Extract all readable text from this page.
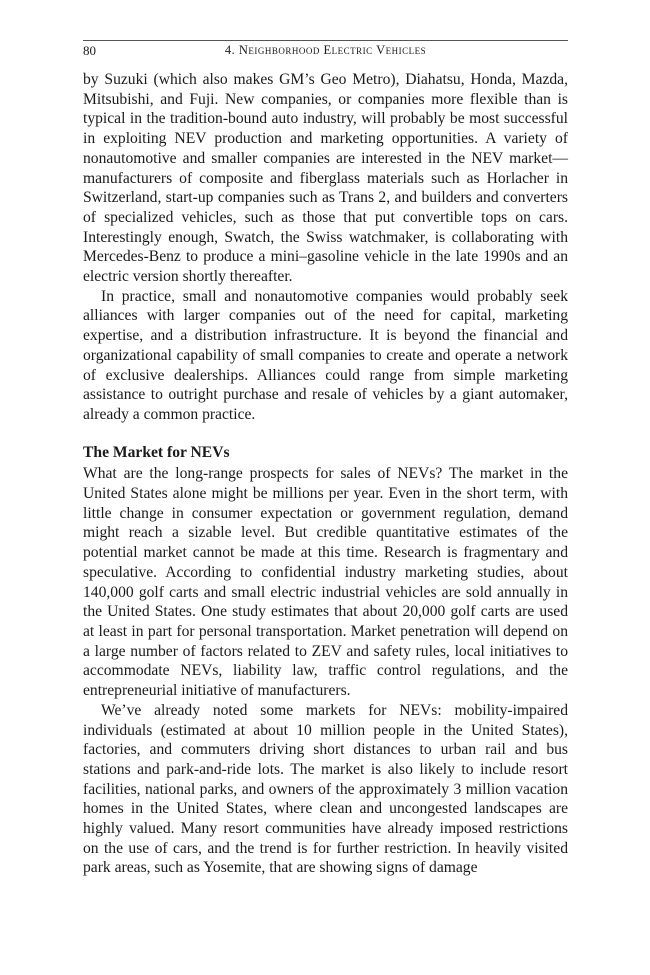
80	4. Neighborhood Electric Vehicles

by Suzuki (which also makes GM’s Geo Metro), Diahatsu, Honda, Mazda, Mitsubishi, and Fuji. New companies, or companies more flexible than is typical in the tradition-bound auto industry, will probably be most successful in exploiting NEV production and marketing opportunities. A variety of nonautomotive and smaller companies are interested in the NEV market—manufacturers of composite and fiberglass materials such as Horlacher in Switzerland, start-up companies such as Trans 2, and builders and converters of specialized vehicles, such as those that put convertible tops on cars. Interestingly enough, Swatch, the Swiss watchmaker, is collaborating with Mercedes-Benz to produce a mini–gasoline vehicle in the late 1990s and an electric version shortly thereafter.

In practice, small and nonautomotive companies would probably seek alliances with larger companies out of the need for capital, marketing expertise, and a distribution infrastructure. It is beyond the financial and organizational capability of small companies to create and operate a network of exclusive dealerships. Alliances could range from simple marketing assistance to outright purchase and resale of vehicles by a giant automaker, already a common practice.

The Market for NEVs

What are the long-range prospects for sales of NEVs? The market in the United States alone might be millions per year. Even in the short term, with little change in consumer expectation or government regulation, demand might reach a sizable level. But credible quantitative estimates of the potential market cannot be made at this time. Research is fragmentary and speculative. According to confidential industry marketing studies, about 140,000 golf carts and small electric industrial vehicles are sold annually in the United States. One study estimates that about 20,000 golf carts are used at least in part for personal transportation. Market penetration will depend on a large number of factors related to ZEV and safety rules, local initiatives to accommodate NEVs, liability law, traffic control regulations, and the entrepreneurial initiative of manufacturers.

We’ve already noted some markets for NEVs: mobility-impaired individuals (estimated at about 10 million people in the United States), factories, and commuters driving short distances to urban rail and bus stations and park-and-ride lots. The market is also likely to include resort facilities, national parks, and owners of the approximately 3 million vacation homes in the United States, where clean and uncongested landscapes are highly valued. Many resort communities have already imposed restrictions on the use of cars, and the trend is for further restriction. In heavily visited park areas, such as Yosemite, that are showing signs of damage
